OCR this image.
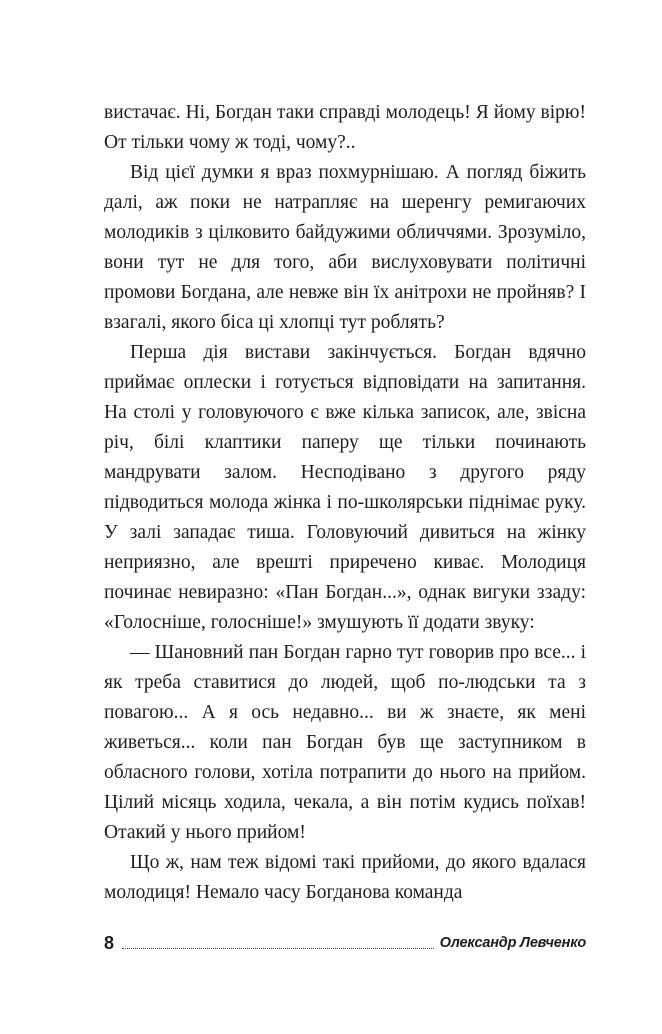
вистачає. Ні, Богдан таки справді молодець! Я йому вірю! От тільки чому ж тоді, чому?..

Від цієї думки я враз похмурнішаю. А погляд біжить далі, аж поки не натрапляє на шеренгу ремигаючих молодиків з цілковито байдужими обличчями. Зрозуміло, вони тут не для того, аби вислуховувати політичні промови Богдана, але невже він їх анітрохи не пройняв? І взагалі, якого біса ці хлопці тут роблять?

Перша дія вистави закінчується. Богдан вдячно приймає оплески і готується відповідати на запитання. На столі у головуючого є вже кілька записок, але, звісна річ, білі клаптики паперу ще тільки починають мандрувати залом. Несподівано з другого ряду підводиться молода жінка і по-школярськи піднімає руку. У залі западає тиша. Головуючий дивиться на жінку неприязно, але врешті приречено киває. Молодиця починає невиразно: «Пан Богдан...», однак вигуки ззаду: «Голосніше, голосніше!» змушують її додати звуку:

— Шановний пан Богдан гарно тут говорив про все... і як треба ставитися до людей, щоб по-людськи та з повагою... А я ось недавно... ви ж знаєте, як мені живеться... коли пан Богдан був ще заступником в обласного голови, хотіла потрапити до нього на прийом. Цілий місяць ходила, чекала, а він потім кудись поїхав! Отакий у нього прийом!

Що ж, нам теж відомі такі прийоми, до якого вдалася молодиця! Немало часу Богданова команда

8	Олександр Левченко
